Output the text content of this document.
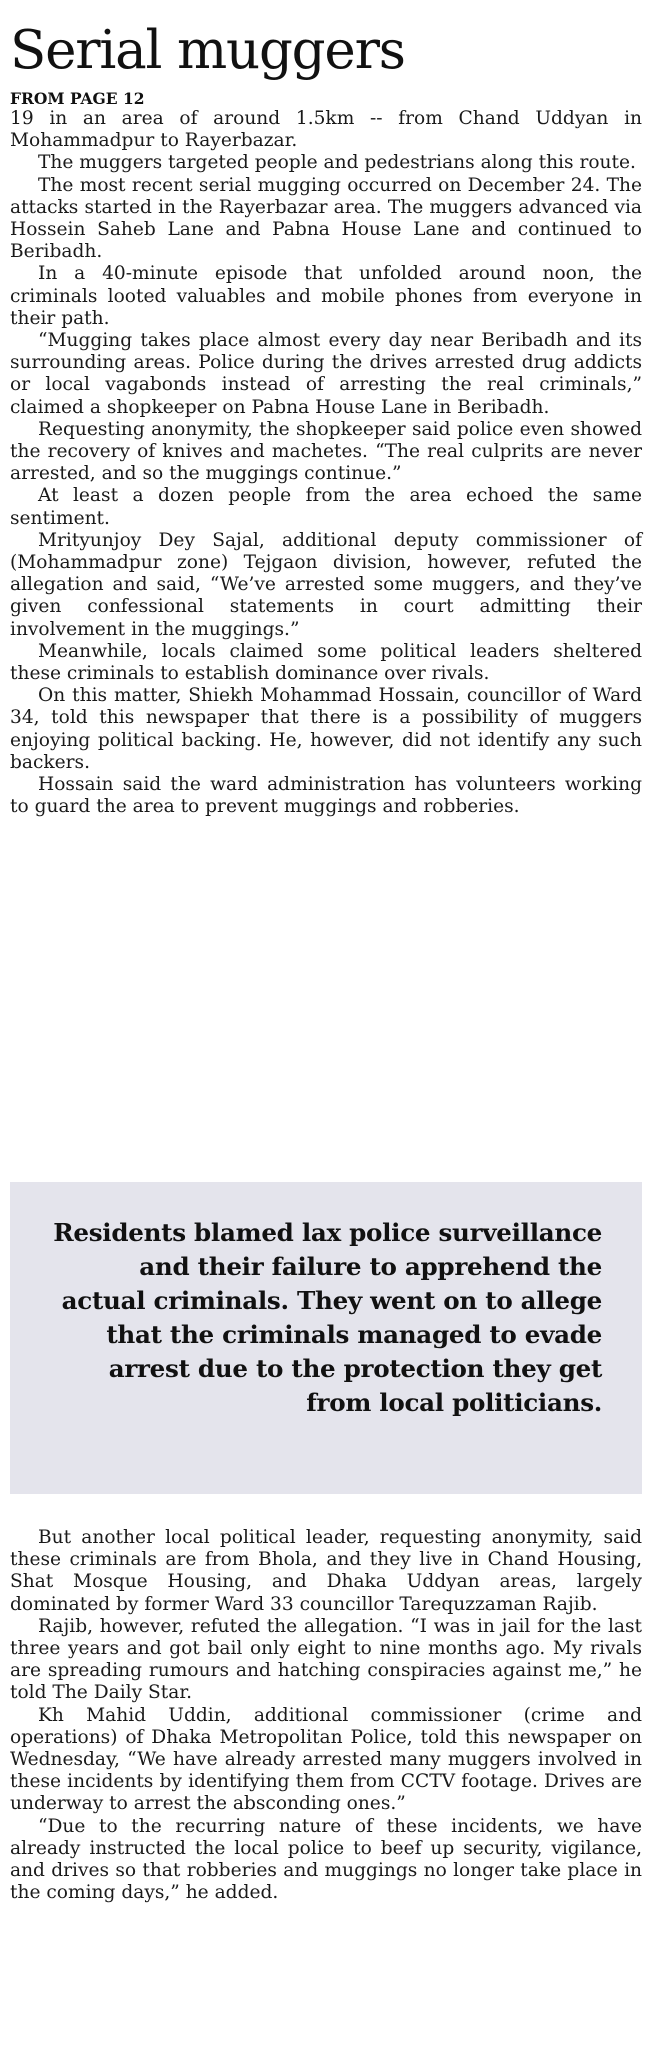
Serial muggers
FROM PAGE 12

19 in an area of around 1.5km -- from Chand Uddyan in Mohammadpur to Rayerbazar.

The muggers targeted people and pedestrians along this route.

The most recent serial mugging occurred on December 24. The attacks started in the Rayerbazar area. The muggers advanced via Hossein Saheb Lane and Pabna House Lane and continued to Beribadh.

In a 40-minute episode that unfolded around noon, the criminals looted valuables and mobile phones from everyone in their path.

“Mugging takes place almost every day near Beribadh and its surrounding areas. Police during the drives arrested drug addicts or local vagabonds instead of arresting the real criminals,” claimed a shopkeeper on Pabna House Lane in Beribadh.

Requesting anonymity, the shopkeeper said police even showed the recovery of knives and machetes. “The real culprits are never arrested, and so the muggings continue.”

At least a dozen people from the area echoed the same sentiment.

Mrityunjoy Dey Sajal, additional deputy commissioner of (Mohammadpur zone) Tejgaon division, however, refuted the allegation and said, “We’ve arrested some muggers, and they’ve given confessional statements in court admitting their involvement in the muggings.”

Meanwhile, locals claimed some political leaders sheltered these criminals to establish dominance over rivals.

On this matter, Shiekh Mohammad Hossain, councillor of Ward 34, told this newspaper that there is a possibility of muggers enjoying political backing. He, however, did not identify any such backers.

Hossain said the ward administration has volunteers working to guard the area to prevent muggings and robberies.

Residents blamed lax police surveillance and their failure to apprehend the actual criminals. They went on to allege that the criminals managed to evade arrest due to the protection they get from local politicians.

But another local political leader, requesting anonymity, said these criminals are from Bhola, and they live in Chand Housing, Shat Mosque Housing, and Dhaka Uddyan areas, largely dominated by former Ward 33 councillor Tarequzzaman Rajib.

Rajib, however, refuted the allegation. “I was in jail for the last three years and got bail only eight to nine months ago. My rivals are spreading rumours and hatching conspiracies against me,” he told The Daily Star.

Kh Mahid Uddin, additional commissioner (crime and operations) of Dhaka Metropolitan Police, told this newspaper on Wednesday, “We have already arrested many muggers involved in these incidents by identifying them from CCTV footage. Drives are underway to arrest the absconding ones.”

“Due to the recurring nature of these incidents, we have already instructed the local police to beef up security, vigilance, and drives so that robberies and muggings no longer take place in the coming days,” he added.
